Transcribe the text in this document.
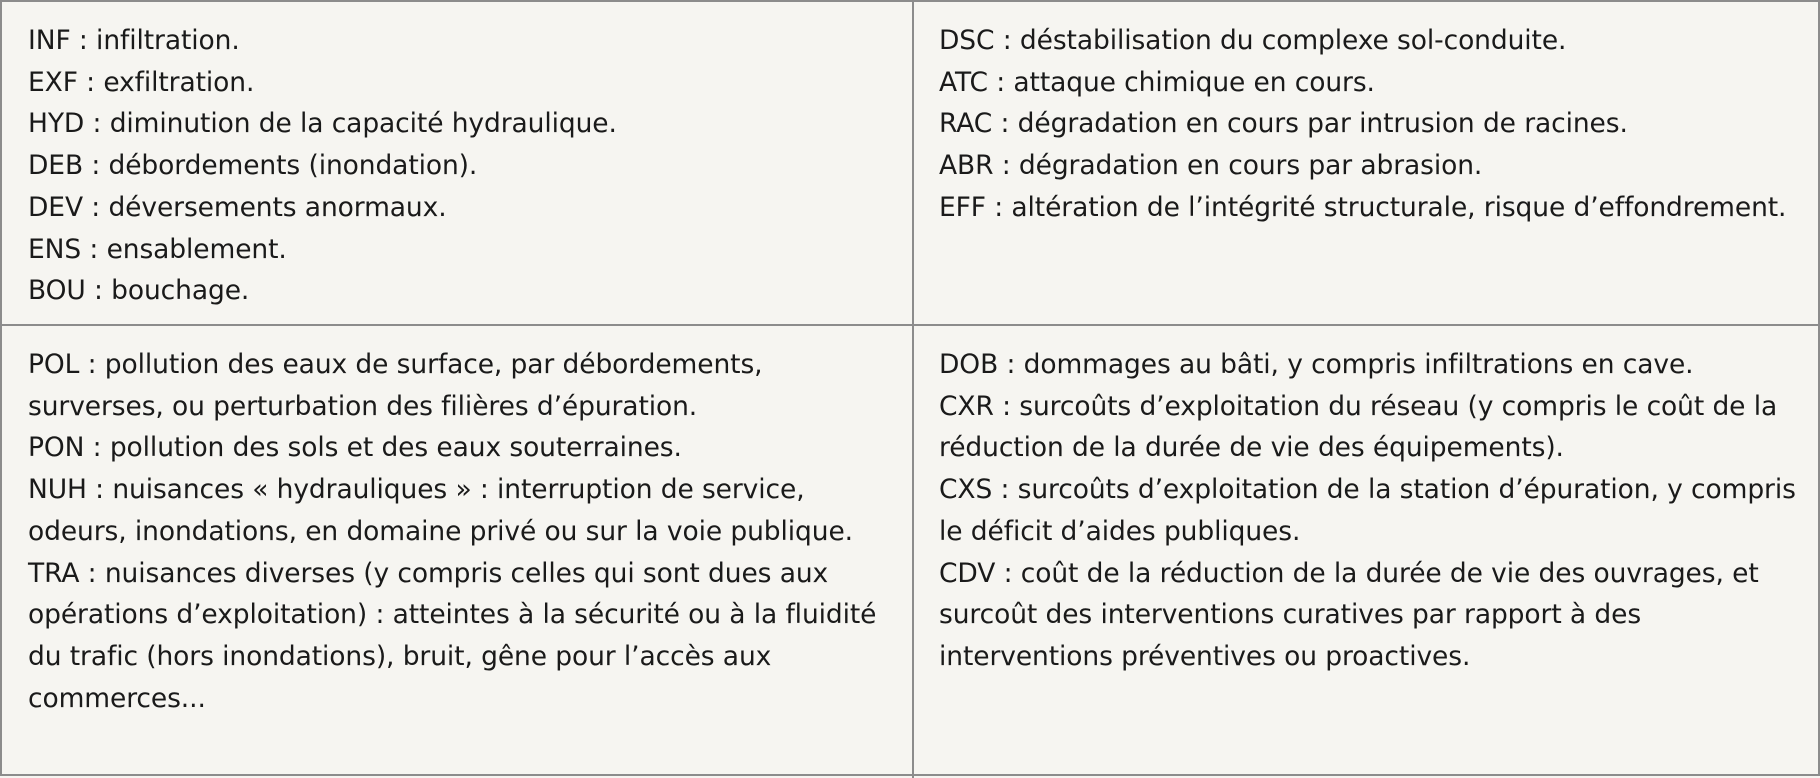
INF : infiltration.

EXF : exfiltration.

HYD : diminution de la capacité hydraulique.

DEB : débordements (inondation).

DEV : déversements anormaux.

ENS : ensablement.

BOU : bouchage.

DSC : déstabilisation du complexe sol-conduite.

ATC : attaque chimique en cours.

RAC : dégradation en cours par intrusion de racines.

ABR : dégradation en cours par abrasion.

EFF : altération de l’intégrité structurale, risque d’effondrement.

POL : pollution des eaux de surface, par débordements, surverses, ou perturbation des filières d’épuration.

PON : pollution des sols et des eaux souterraines.

NUH : nuisances « hydrauliques » : interruption de service, odeurs, inondations, en domaine privé ou sur la voie publique.

TRA : nuisances diverses (y compris celles qui sont dues aux opérations d’exploitation) : atteintes à la sécurité ou à la fluidité du trafic (hors inondations), bruit, gêne pour l’accès aux commerces...

DOB : dommages au bâti, y compris infiltrations en cave.

CXR : surcoûts d’exploitation du réseau (y compris le coût de la réduction de la durée de vie des équipements).

CXS : surcoûts d’exploitation de la station d’épuration, y compris le déficit d’aides publiques.

CDV : coût de la réduction de la durée de vie des ouvrages, et surcoût des interventions curatives par rapport à des interventions préventives ou proactives.
